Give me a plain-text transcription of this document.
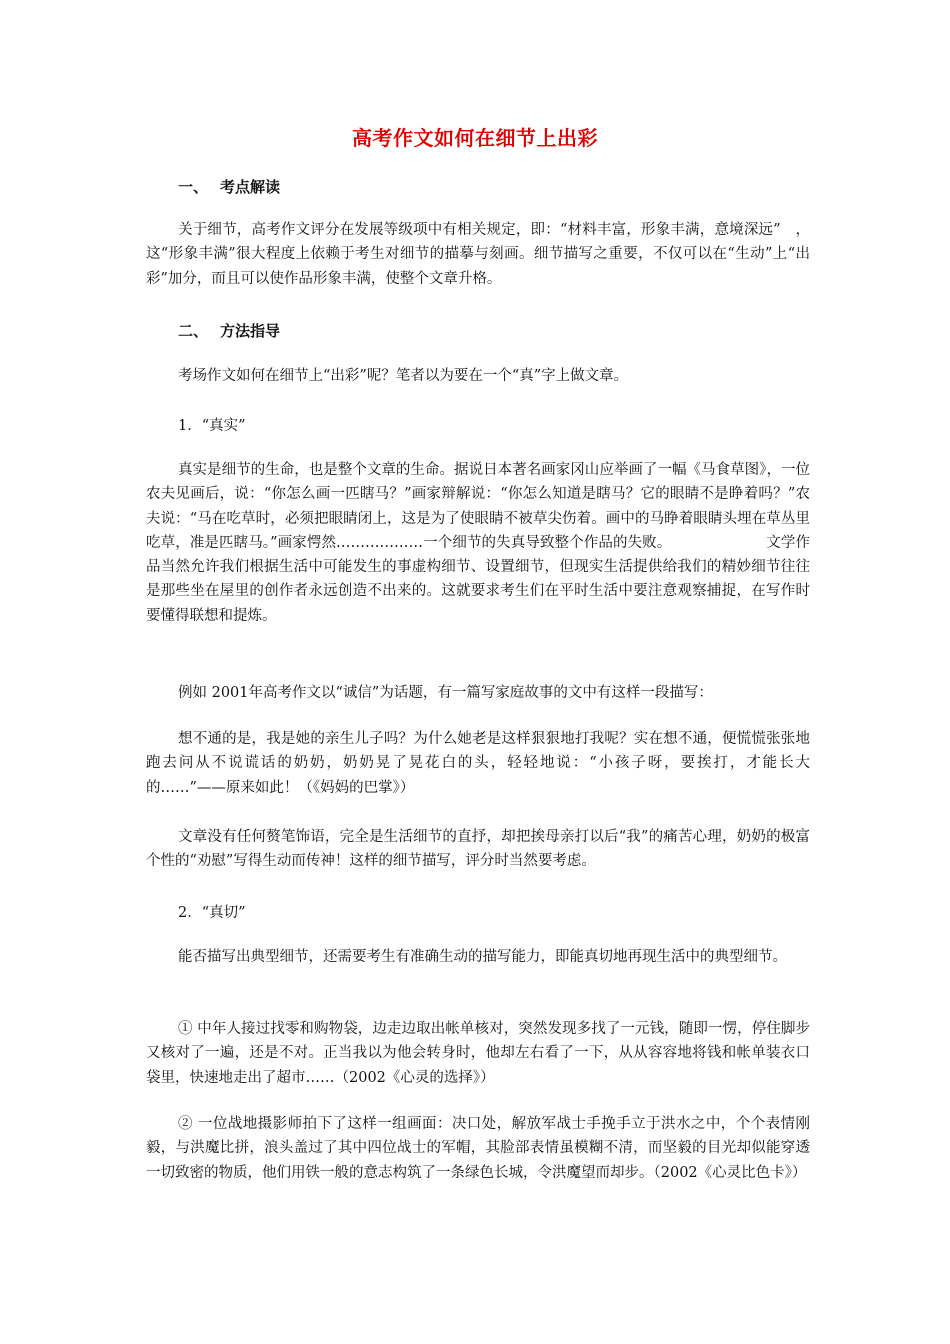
高考作文如何在细节上出彩
一、 考点解读
关于细节，高考作文评分在发展等级项中有相关规定，即：“材料丰富，形象丰满，意境深远”　，这“形象丰满”很大程度上依赖于考生对细节的描摹与刻画。细节描写之重要，不仅可以在“生动”上“出彩”加分，而且可以使作品形象丰满，使整个文章升格。
二、 方法指导
考场作文如何在细节上“出彩”呢？笔者以为要在一个“真”字上做文章。
1．“真实”
真实是细节的生命，也是整个文章的生命。据说日本著名画家冈山应举画了一幅《马食草图》，一位农夫见画后，说：“你怎么画一匹瞎马？”画家辩解说：“你怎么知道是瞎马？它的眼睛不是睁着吗？”农夫说：“马在吃草时，必须把眼睛闭上，这是为了使眼睛不被草尖伤着。画中的马睁着眼睛头埋在草丛里吃草，准是匹瞎马。”画家愕然………………一个细节的失真导致整个作品的失败。　　　　　　　文学作品当然允许我们根据生活中可能发生的事虚构细节、设置细节，但现实生活提供给我们的精妙细节往往是那些坐在屋里的创作者永远创造不出来的。这就要求考生们在平时生活中要注意观察捕捉，在写作时要懂得联想和提炼。
例如 2001年高考作文以“诚信”为话题，有一篇写家庭故事的文中有这样一段描写：
想不通的是，我是她的亲生儿子吗？为什么她老是这样狠狠地打我呢？实在想不通，便慌慌张张地跑去问从不说谎话的奶奶，奶奶晃了晃花白的头，轻轻地说：“小孩子呀，要挨打，才能长大的……”——原来如此！（《妈妈的巴掌》）
文章没有任何赘笔饰语，完全是生活细节的直抒，却把挨母亲打以后“我”的痛苦心理，奶奶的极富个性的“劝慰”写得生动而传神！这样的细节描写，评分时当然要考虑。
2．“真切”
能否描写出典型细节，还需要考生有准确生动的描写能力，即能真切地再现生活中的典型细节。
① 中年人接过找零和购物袋，边走边取出帐单核对，突然发现多找了一元钱，随即一愣，停住脚步又核对了一遍，还是不对。正当我以为他会转身时，他却左右看了一下，从从容容地将钱和帐单装衣口袋里，快速地走出了超市……（2002《心灵的选择》）
② 一位战地摄影师拍下了这样一组画面：决口处，解放军战士手挽手立于洪水之中，个个表情刚毅，与洪魔比拼，浪头盖过了其中四位战士的军帽，其脸部表情虽模糊不清，而坚毅的目光却似能穿透一切致密的物质，他们用铁一般的意志构筑了一条绿色长城，令洪魔望而却步。（2002《心灵比色卡》）
